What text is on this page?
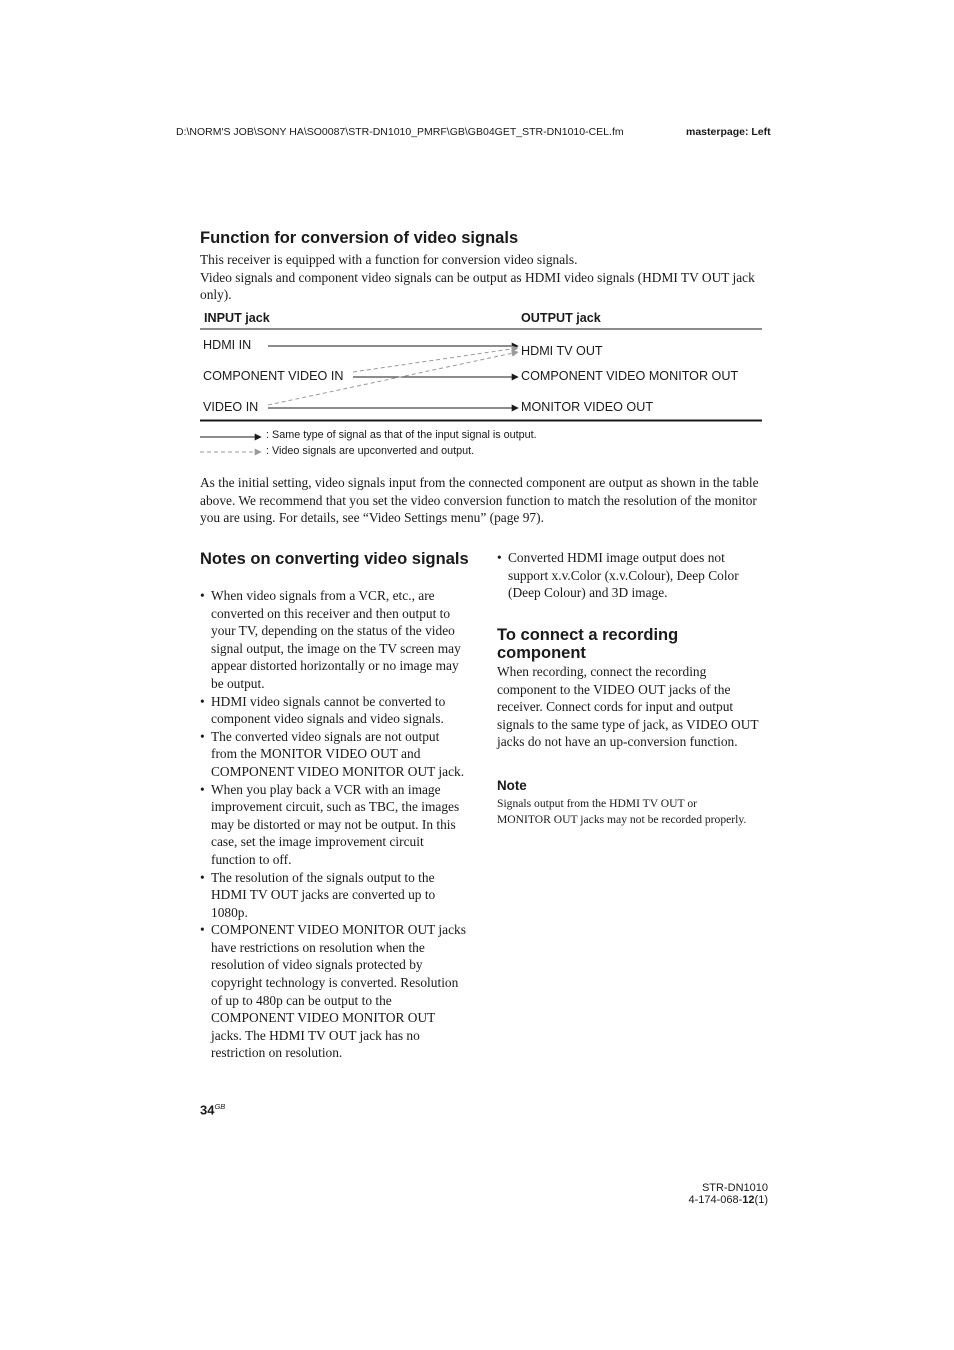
D:\NORM'S JOB\SONY HA\SO0087\STR-DN1010_PMRF\GB\GB04GET_STR-DN1010-CEL.fm	masterpage: Left
Function for conversion of video signals

This receiver is equipped with a function for conversion video signals.

Video signals and component video signals can be output as HDMI video signals (HDMI TV OUT jack only).

INPUT jack	OUTPUT jack
HDMI IN
COMPONENT VIDEO IN
VIDEO IN
HDMI TV OUT
COMPONENT VIDEO MONITOR OUT
MONITOR VIDEO OUT
: Same type of signal as that of the input signal is output.
: Video signals are upconverted and output.
As the initial setting, video signals input from the connected component are output as shown in the table above. We recommend that you set the video conversion function to match the resolution of the monitor you are using. For details, see “Video Settings menu” (page 97).
Notes on converting video signals
• When video signals from a VCR, etc., are converted on this receiver and then output to your TV, depending on the status of the video signal output, the image on the TV screen may appear distorted horizontally or no image may be output.
• HDMI video signals cannot be converted to component video signals and video signals.
• The converted video signals are not output from the MONITOR VIDEO OUT and COMPONENT VIDEO MONITOR OUT jack.
• When you play back a VCR with an image improvement circuit, such as TBC, the images may be distorted or may not be output. In this case, set the image improvement circuit function to off.
• The resolution of the signals output to the HDMI TV OUT jacks are converted up to 1080p.
• COMPONENT VIDEO MONITOR OUT jacks have restrictions on resolution when the resolution of video signals protected by copyright technology is converted. Resolution of up to 480p can be output to the COMPONENT VIDEO MONITOR OUT jacks. The HDMI TV OUT jack has no restriction on resolution.
• Converted HDMI image output does not support x.v.Color (x.v.Colour), Deep Color (Deep Colour) and 3D image.
To connect a recording component
When recording, connect the recording component to the VIDEO OUT jacks of the receiver. Connect cords for input and output signals to the same type of jack, as VIDEO OUT jacks do not have an up-conversion function.
Note
Signals output from the HDMI TV OUT or MONITOR OUT jacks may not be recorded properly.
$34^{GB}$
STR-DN1010
4-174-068-12(1)
